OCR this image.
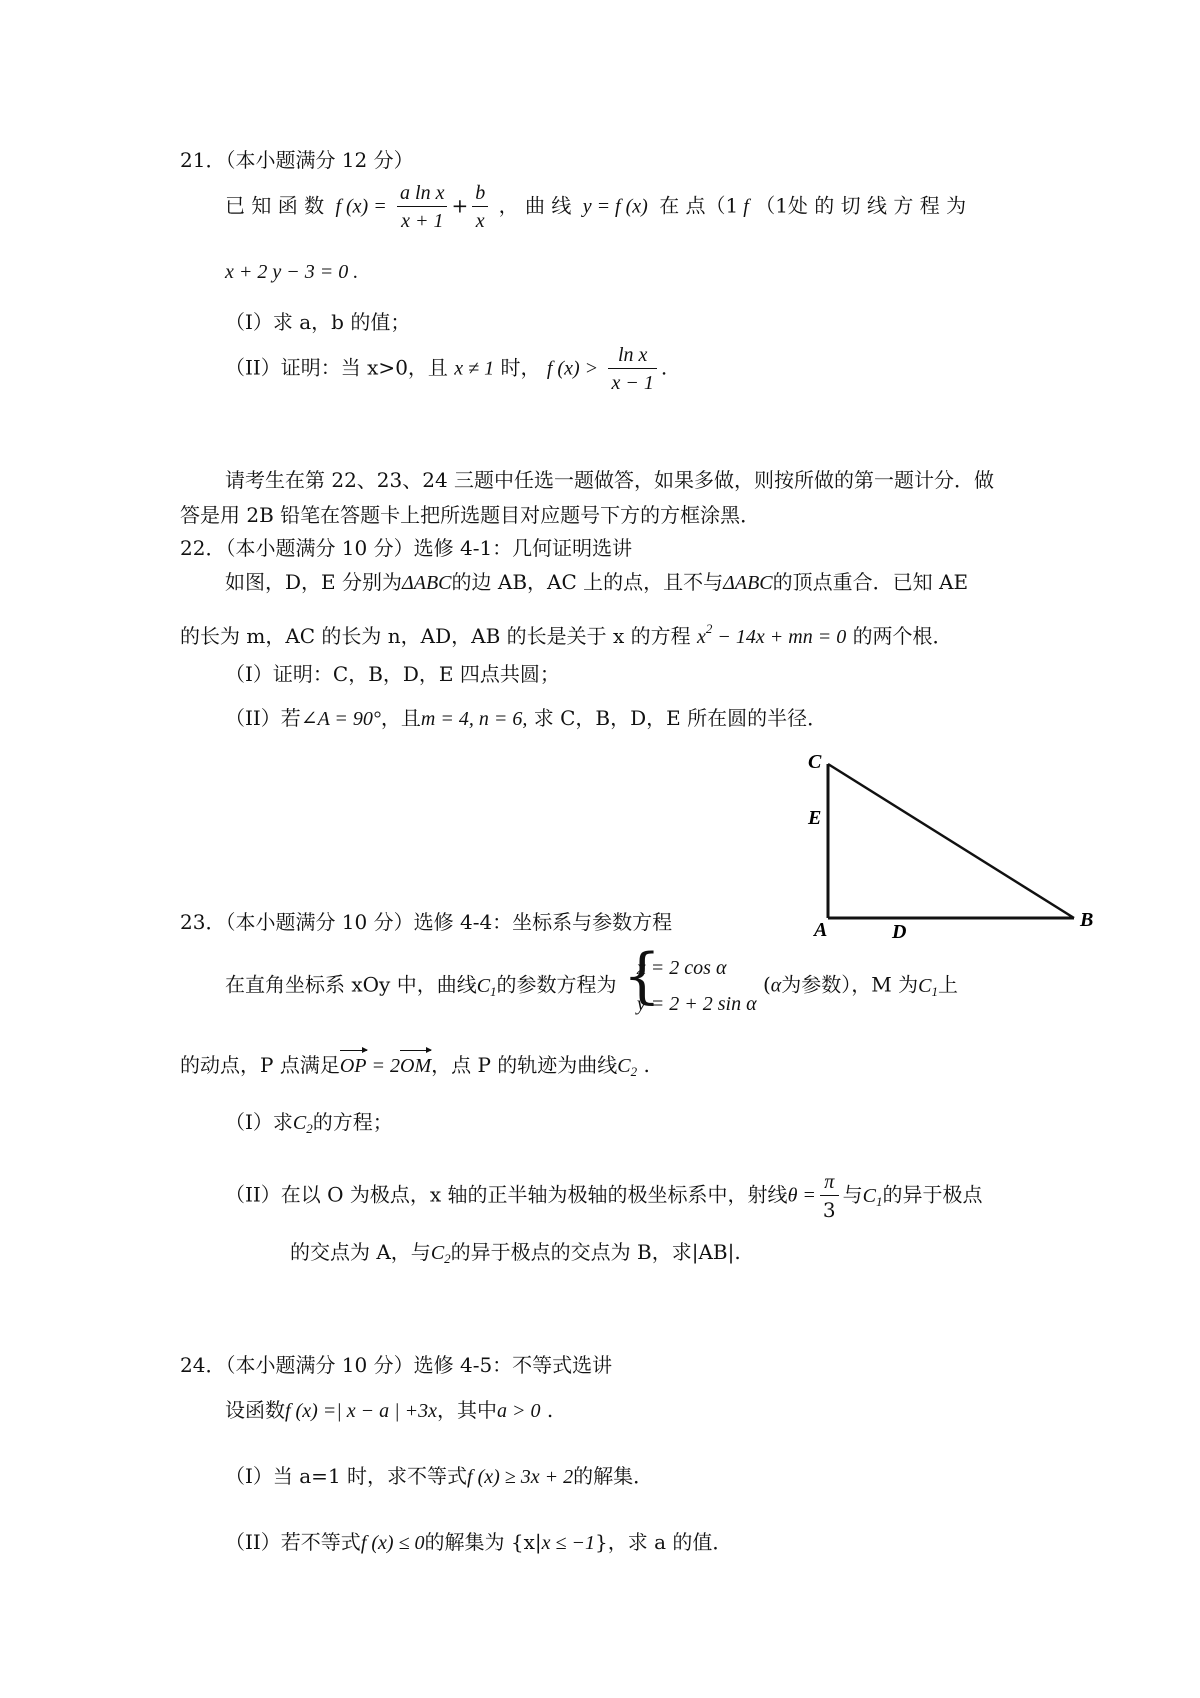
21．（本小题满分 12 分）
已 知 函 数  f $(x) = \frac{\text{a ln x}}{x + 1} + \frac{b}{x}$ ， 曲 线  y = f (x)  在 点（1 f （1处 的 切 线 方 程 为
x + 2 y − 3 = 0 .
（I）求 a，b 的值；
（II）证明：当 x>0，且 x ≠ 1 时， f $(x) > \frac{\text{ln x}}{x - 1}$ .
请考生在第 22、23、24 三题中任选一题做答，如果多做，则按所做的第一题计分．做
答是用 2B 铅笔在答题卡上把所选题目对应题号下方的方框涂黑．
22．（本小题满分 10 分）选修 4-1：几何证明选讲
如图，D，E 分别为ΔABC的边 AB，AC 上的点，且不与ΔABC的顶点重合．已知 AE
的长为 m，AC 的长为 n，AD，AB 的长是关于 x 的方程 $x^2 - 14x$ + mn = 0 的两个根．
（I）证明：C，B，D，E 四点共圆；
（II）若∠A = 90°，且m = 4, n = 6, 求 C，B，D，E 所在圆的半径．
C
E
A	D
B
23．（本小题满分 10 分）选修 4-4：坐标系与参数方程
在直角坐标系 xOy 中，曲线$C_1$的参数方程为 {
x = 2 cos α
y = 2 + 2 sin α
(α为参数），M 为$C_1$上
的动点，P 点满足OP = 2OM，点 P 的轨迹为曲线$C_2$ .
（I）求$C_2$的方程；
（II）在以 O 为极点，x 轴的正半轴为极轴的极坐标系中，射线$\theta = \frac{\pi}{3}$ 与$C_1$的异于极点
的交点为 A，与$C_2$的异于极点的交点为 B，求|AB|.
24．（本小题满分 10 分）选修 4-5：不等式选讲
设函数f (x) =| x − a | +3x，其中a > 0 .
（I）当 a=1 时，求不等式f (x) ≥ 3x + 2的解集．
（II）若不等式f (x) ≤ 0的解集为 {x|x ≤ −1}，求 a 的值．
